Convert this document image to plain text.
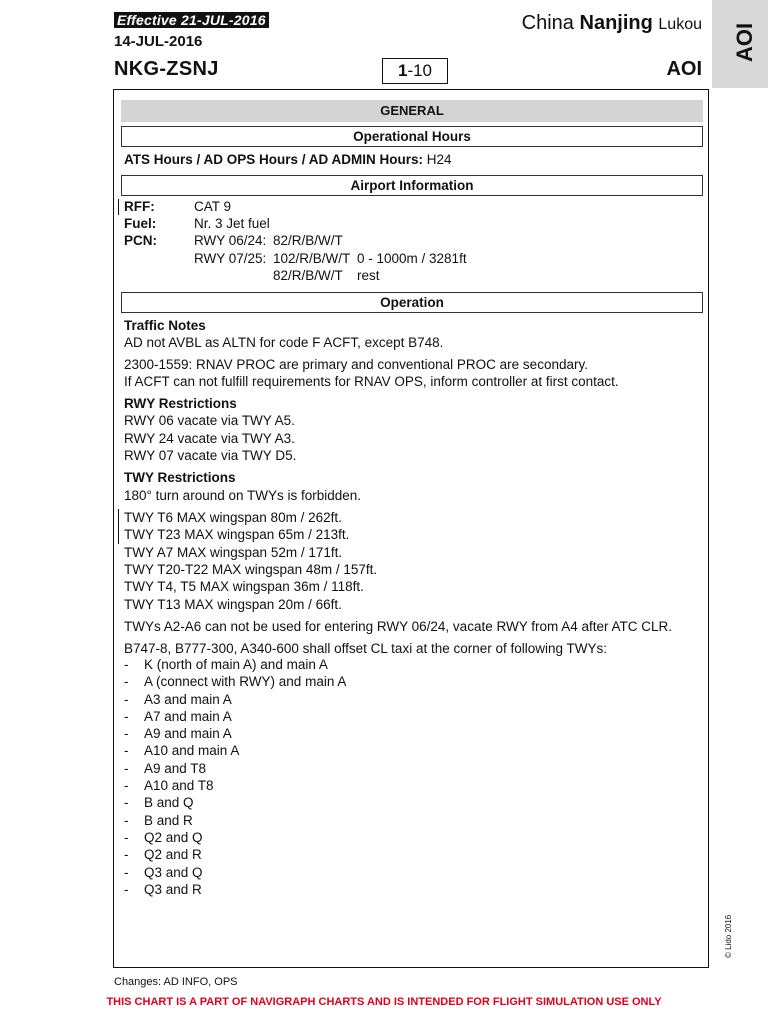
Effective 21-JUL-2016
14-JUL-2016
NKG-ZSNJ
China Nanjing Lukou
1-10	AOI
AOI
GENERAL
Operational Hours
ATS Hours / AD OPS Hours / AD ADMIN Hours: H24
Airport Information
RFF:	CAT 9
Fuel:	Nr. 3 Jet fuel
PCN:	RWY 06/24: 82/R/B/W/T
RWY 07/25: 102/R/B/W/T 0 - 1000m / 3281ft
82/R/B/W/T rest
Operation
Traffic Notes
AD not AVBL as ALTN for code F ACFT, except B748.
2300-1559: RNAV PROC are primary and conventional PROC are secondary.
If ACFT can not fulfill requirements for RNAV OPS, inform controller at first contact.
RWY Restrictions
RWY 06 vacate via TWY A5.
RWY 24 vacate via TWY A3.
RWY 07 vacate via TWY D5.
TWY Restrictions
180° turn around on TWYs is forbidden.
TWY T6 MAX wingspan 80m / 262ft.
TWY T23 MAX wingspan 65m / 213ft.
TWY A7 MAX wingspan 52m / 171ft.
TWY T20-T22 MAX wingspan 48m / 157ft.
TWY T4, T5 MAX wingspan 36m / 118ft.
TWY T13 MAX wingspan 20m / 66ft.
TWYs A2-A6 can not be used for entering RWY 06/24, vacate RWY from A4 after ATC CLR.
B747-8, B777-300, A340-600 shall offset CL taxi at the corner of following TWYs:
- K (north of main A) and main A
- A (connect with RWY) and main A
- A3 and main A
- A7 and main A
- A9 and main A
- A10 and main A
- A9 and T8
- A10 and T8
- B and Q
- B and R
- Q2 and Q
- Q2 and R
- Q3 and Q
- Q3 and R
© Lido 2016
Changes: AD INFO, OPS
THIS CHART IS A PART OF NAVIGRAPH CHARTS AND IS INTENDED FOR FLIGHT SIMULATION USE ONLY
